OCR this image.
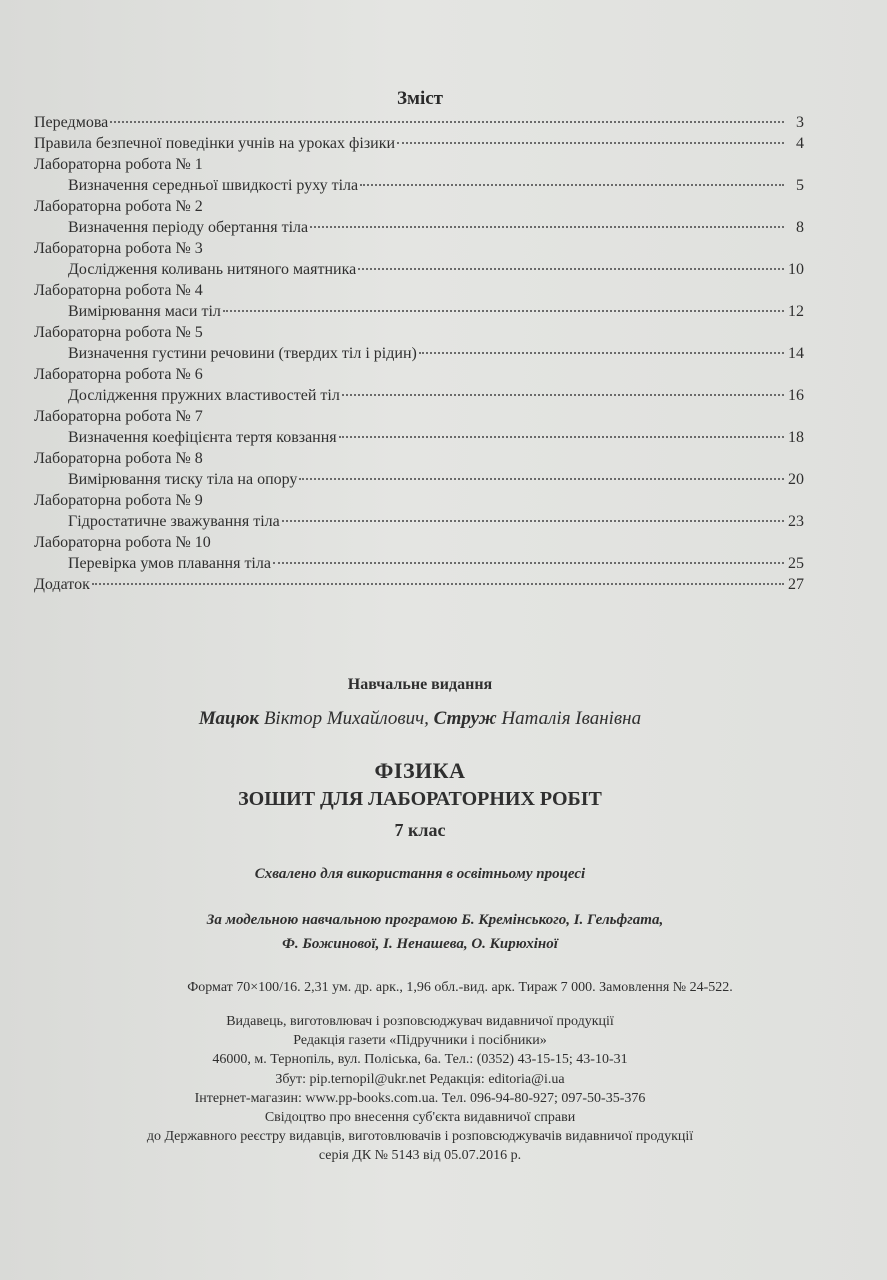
Зміст
Передмова	3
Правила безпечної поведінки учнів на уроках фізики	4
Лабораторна робота № 1
Визначення середньої швидкості руху тіла	5
Лабораторна робота № 2
Визначення періоду обертання тіла	8
Лабораторна робота № 3
Дослідження коливань нитяного маятника	10
Лабораторна робота № 4
Вимірювання маси тіл	12
Лабораторна робота № 5
Визначення густини речовини (твердих тіл і рідин)	14
Лабораторна робота № 6
Дослідження пружних властивостей тіл	16
Лабораторна робота № 7
Визначення коефіцієнта тертя ковзання	18
Лабораторна робота № 8
Вимірювання тиску тіла на опору	20
Лабораторна робота № 9
Гідростатичне зважування тіла	23
Лабораторна робота № 10
Перевірка умов плавання тіла	25
Додаток	27
Навчальне видання
Мацюк Віктор Михайлович, Струж Наталія Іванівна
ФІЗИКА
ЗОШИТ ДЛЯ ЛАБОРАТОРНИХ РОБІТ
7 клас
Схвалено для використання в освітньому процесі
За модельною навчальною програмою Б. Кремінського, І. Гельфгата,
Ф. Божинової, І. Ненашева, О. Кирюхіної
Формат 70×100/16. 2,31 ум. др. арк., 1,96 обл.-вид. арк. Тираж 7 000. Замовлення № 24-522.
Видавець, виготовлювач і розповсюджувач видавничої продукції
Редакція газети «Підручники і посібники»
46000, м. Тернопіль, вул. Поліська, 6а. Тел.: (0352) 43-15-15; 43-10-31
Збут: pip.ternopil@ukr.net Редакція: editoria@i.ua
Інтернет-магазин: www.pp-books.com.ua. Тел. 096-94-80-927; 097-50-35-376
Свідоцтво про внесення суб'єкта видавничої справи
до Державного реєстру видавців, виготовлювачів і розповсюджувачів видавничої продукції
серія ДК № 5143 від 05.07.2016 р.
